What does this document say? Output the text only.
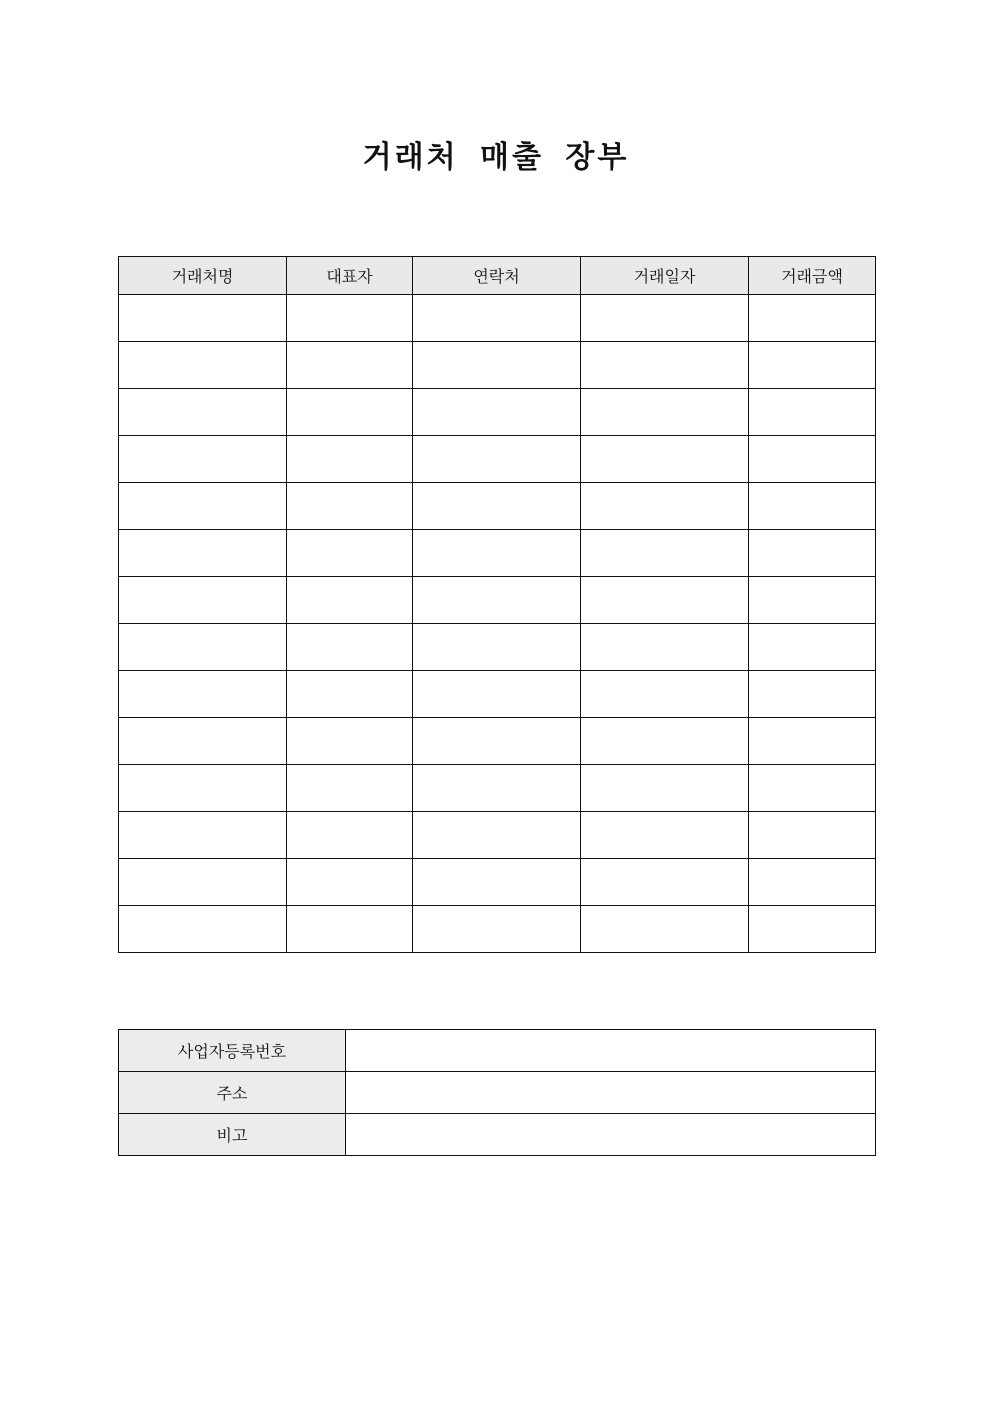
거래처 매출 장부
거래처명	대표자	연락처	거래일자	거래금액

사업자등록번호	
주소	
비고	
